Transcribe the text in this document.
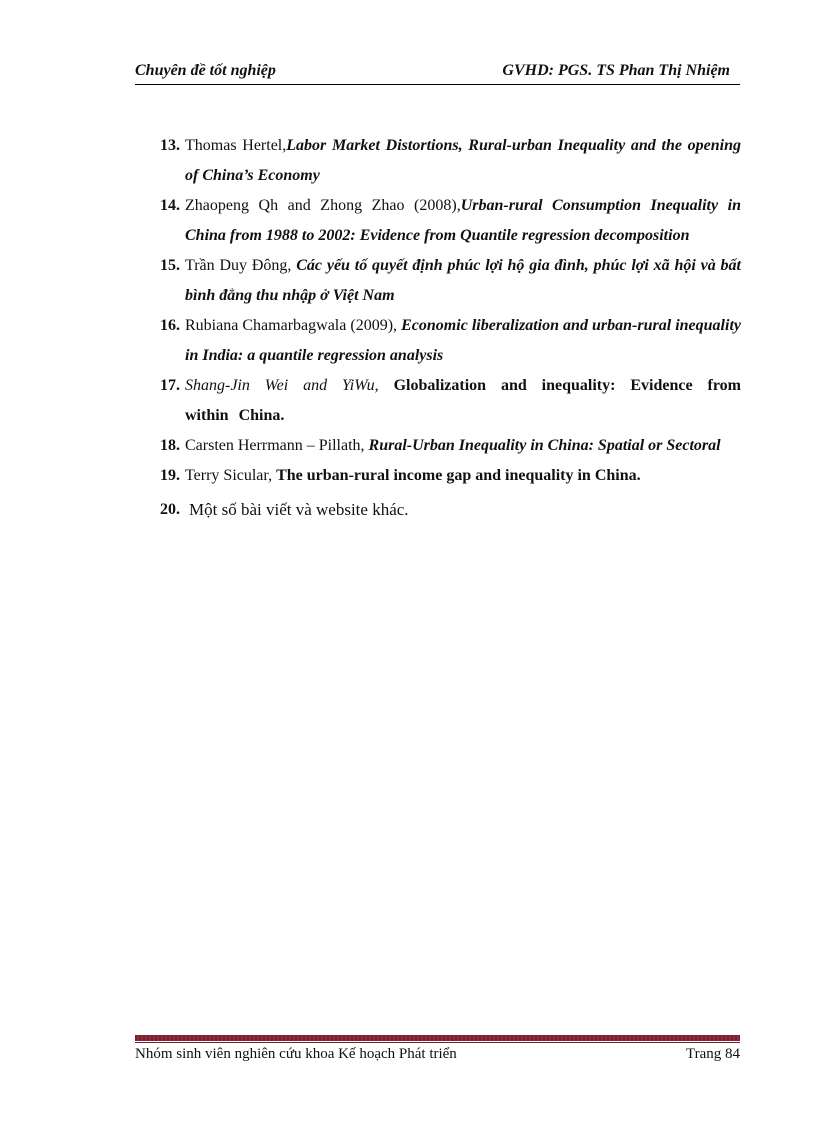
Chuyên đề tốt nghiệp	GVHD: PGS. TS Phan Thị Nhiệm
13. Thomas Hertel,Labor Market Distortions, Rural-urban Inequality and the opening of China’s Economy
14. Zhaopeng Qh and Zhong Zhao (2008),Urban-rural Consumption Inequality in China from 1988 to 2002: Evidence from Quantile regression decomposition
15. Trần Duy Đông, Các yếu tố quyết định phúc lợi hộ gia đình, phúc lợi xã hội và bất bình đẳng thu nhập ở Việt Nam
16. Rubiana Chamarbagwala (2009), Economic liberalization and urban-rural inequality in India: a quantile regression analysis
17. Shang-Jin Wei and YiWu, Globalization and inequality: Evidence from within China.
18. Carsten Herrmann – Pillath, Rural-Urban Inequality in China: Spatial or Sectoral
19. Terry Sicular, The urban-rural income gap and inequality in China.
20. Một số bài viết và website khác.
Nhóm sinh viên nghiên cứu khoa Kế hoạch Phát triển	Trang 84
